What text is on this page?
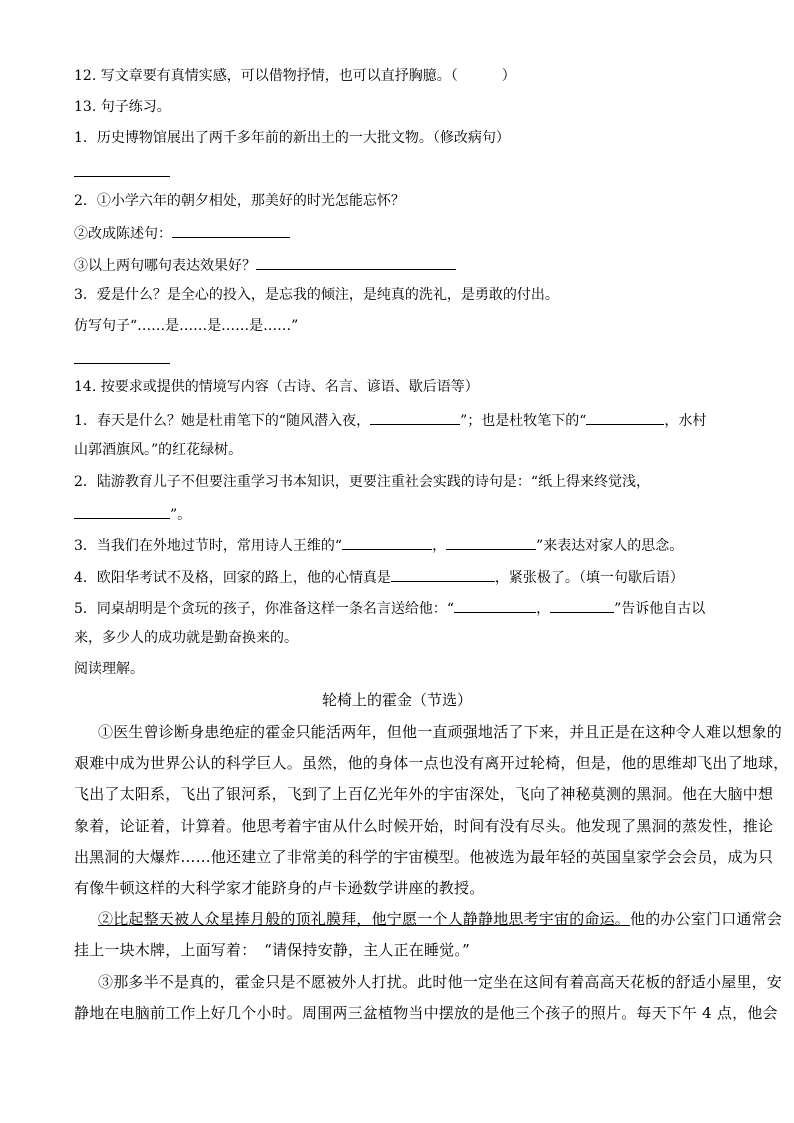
12. 写文章要有真情实感，可以借物抒情，也可以直抒胸臆。（	）
13. 句子练习。
1．历史博物馆展出了两千多年前的新出土的一大批文物。（修改病句）
2．①小学六年的朝夕相处，那美好的时光怎能忘怀？
②改成陈述句：
③以上两句哪句表达效果好？
3．爱是什么？是全心的投入，是忘我的倾注，是纯真的洗礼，是勇敢的付出。
仿写句子“……是……是……是……”
14. 按要求或提供的情境写内容（古诗、名言、谚语、歇后语等）
1．春天是什么？她是杜甫笔下的“随风潜入夜，	”；也是杜牧笔下的“	，水村
山郭酒旗风。”的红花绿树。
2．陆游教育儿子不但要注重学习书本知识，更要注重社会实践的诗句是：“纸上得来终觉浅，
”。
3．当我们在外地过节时，常用诗人王维的“	，	”来表达对家人的思念。
4．欧阳华考试不及格，回家的路上，他的心情真是	，紧张极了。（填一句歇后语）
5．同桌胡明是个贪玩的孩子，你准备这样一条名言送给他：“	，	”告诉他自古以
来，多少人的成功就是勤奋换来的。
阅读理解。
轮椅上的霍金（节选）
①医生曾诊断身患绝症的霍金只能活两年，但他一直顽强地活了下来，并且正是在这种令人难以想象的
艰难中成为世界公认的科学巨人。虽然，他的身体一点也没有离开过轮椅，但是，他的思维却飞出了地球，
飞出了太阳系，飞出了银河系，飞到了上百亿光年外的宇宙深处，飞向了神秘莫测的黑洞。他在大脑中想
象着，论证着，计算着。他思考着宇宙从什么时候开始，时间有没有尽头。他发现了黑洞的蒸发性，推论
出黑洞的大爆炸……他还建立了非常美的科学的宇宙模型。他被选为最年轻的英国皇家学会会员，成为只
有像牛顿这样的大科学家才能跻身的卢卡逊数学讲座的教授。
②比起整天被人众星捧月般的顶礼膜拜，他宁愿一个人静静地思考宇宙的命运。他的办公室门口通常会
挂上一块木牌，上面写着：　“请保持安静，主人正在睡觉。”
③那多半不是真的，霍金只是不愿被外人打扰。此时他一定坐在这间有着高高天花板的舒适小屋里，安
静地在电脑前工作上好几个小时。周围两三盆植物当中摆放的是他三个孩子的照片。每天下午 4 点，他会
